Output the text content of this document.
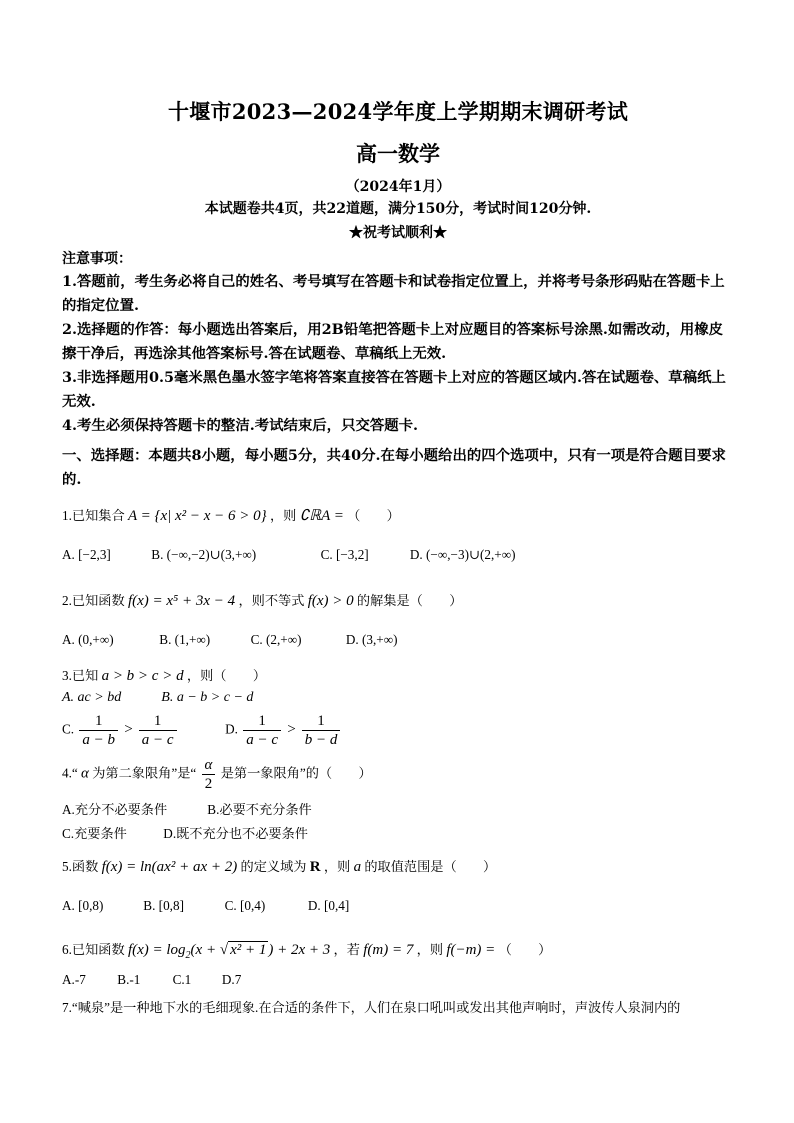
十堰市2023—2024学年度上学期期末调研考试
高一数学
（2024年1月）
本试题卷共4页，共22道题，满分150分，考试时间120分钟.
★祝考试顺利★
注意事项：

1.答题前，考生务必将自己的姓名、考号填写在答题卡和试卷指定位置上，并将考号条形码贴在答题卡上的指定位置.

2.选择题的作答：每小题选出答案后，用2B铅笔把答题卡上对应题目的答案标号涂黑.如需改动，用橡皮擦干净后，再选涂其他答案标号.答在试题卷、草稿纸上无效.

3.非选择题用0.5毫米黑色墨水签字笔将答案直接答在答题卡上对应的答题区域内.答在试题卷、草稿纸上无效.

4.考生必须保持答题卡的整洁.考试结束后，只交答题卡.

一、选择题：本题共8小题，每小题5分，共40分.在每小题给出的四个选项中，只有一项是符合题目要求的.
1.已知集合 A = {x| x² − x − 6 > 0} ，则 ∁ℝA = （　　）
A. [−2,3]	B. (−∞,−2)∪(3,+∞)	C. [−3,2]	D. (−∞,−3)∪(2,+∞)
2.已知函数 f(x) = x⁵ + 3x − 4 ，则不等式 f(x) > 0 的解集是（　　）
A. (0,+∞)	B. (1,+∞)	C. (2,+∞)	D. (3,+∞)
3.已知 a > b > c > d ，则（　　）
A. ac > bd	B. a − b > c − d
C. $\frac{1}{a - b} > \frac{1}{a - c}$	D. $\frac{1}{a - c} > \frac{1}{b - d}$
4.“ α 为第二象限角”是“ $\frac{\alpha}{2}$ 是第一象限角”的（　　）
A.充分不必要条件	B.必要不充分条件
C.充要条件	D.既不充分也不必要条件
5.函数 f(x) = ln(ax² + ax + 2) 的定义域为 R ，则 a 的取值范围是（　　）
A. [0,8)	B. [0,8]	C. [0,4)	D. [0,4]
6.已知函数 $f(x) = \log_2(x$ + √ x² + 1 ) + 2x + 3 ，若 f(m) = 7 ，则 f(−m) = （　　）
A.-7 B.-1 C.1 D.7
7.“喊泉”是一种地下水的毛细现象.在合适的条件下，人们在泉口吼叫或发出其他声响时，声波传人泉洞内的
